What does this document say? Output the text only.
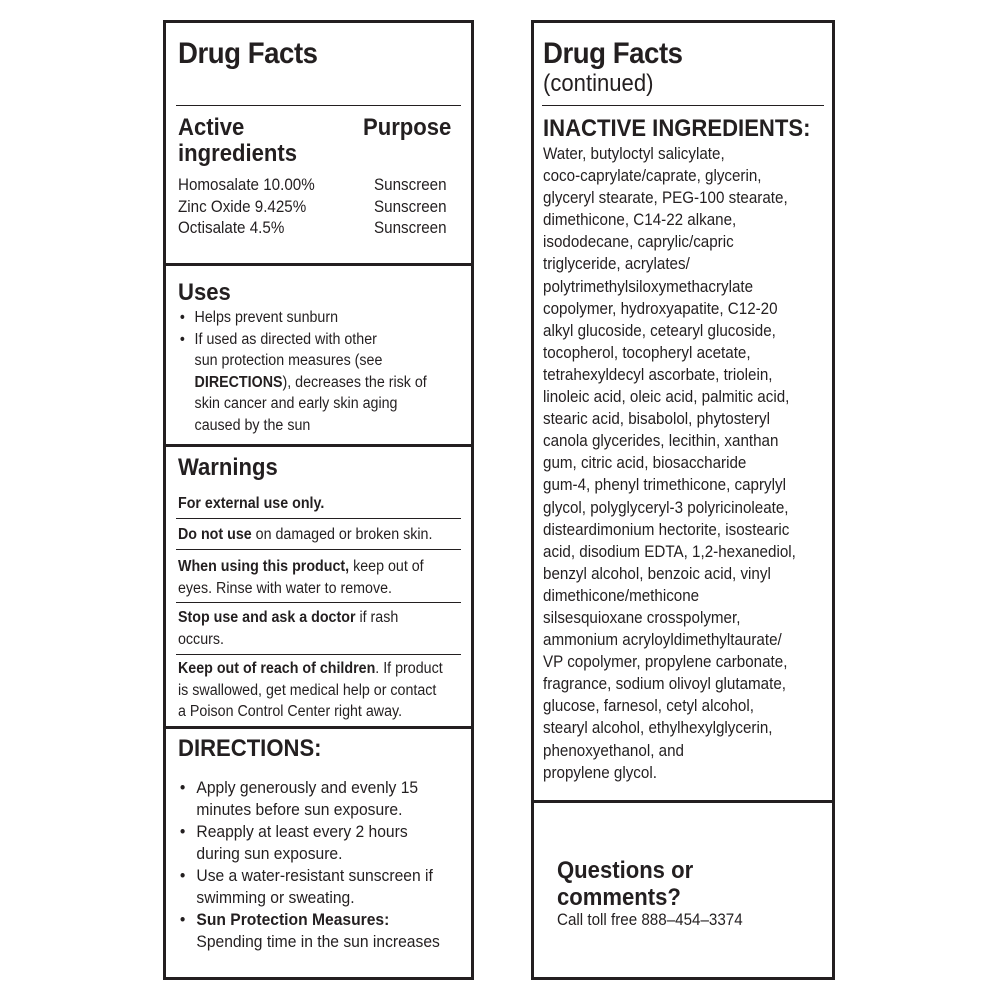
Drug Facts
Active
ingredients
Purpose
Homosalate 10.00%
Zinc Oxide 9.425%
Octisalate 4.5%
Sunscreen
Sunscreen
Sunscreen
Uses
• Helps prevent sunburn
• If used as directed with other
sun protection measures (see
DIRECTIONS), decreases the risk of
skin cancer and early skin aging
caused by the sun
Warnings
For external use only.
Do not use on damaged or broken skin.
When using this product, keep out of
eyes. Rinse with water to remove.
Stop use and ask a doctor if rash
occurs.
Keep out of reach of children. If product
is swallowed, get medical help or contact
a Poison Control Center right away.
DIRECTIONS:
• Apply generously and evenly 15
minutes before sun exposure.
• Reapply at least every 2 hours
during sun exposure.
• Use a water-resistant sunscreen if
swimming or sweating.
• Sun Protection Measures:
Spending time in the sun increases
Drug Facts
(continued)
INACTIVE INGREDIENTS:
Water, butyloctyl salicylate,
coco-caprylate/caprate, glycerin,
glyceryl stearate, PEG-100 stearate,
dimethicone, C14-22 alkane,
isododecane, caprylic/capric
triglyceride, acrylates/
polytrimethylsiloxymethacrylate
copolymer, hydroxyapatite, C12-20
alkyl glucoside, cetearyl glucoside,
tocopherol, tocopheryl acetate,
tetrahexyldecyl ascorbate, triolein,
linoleic acid, oleic acid, palmitic acid,
stearic acid, bisabolol, phytosteryl
canola glycerides, lecithin, xanthan
gum, citric acid, biosaccharide
gum-4, phenyl trimethicone, caprylyl
glycol, polyglyceryl-3 polyricinoleate,
disteardimonium hectorite, isostearic
acid, disodium EDTA, 1,2-hexanediol,
benzyl alcohol, benzoic acid, vinyl
dimethicone/methicone
silsesquioxane crosspolymer,
ammonium acryloyldimethyltaurate/
VP copolymer, propylene carbonate,
fragrance, sodium olivoyl glutamate,
glucose, farnesol, cetyl alcohol,
stearyl alcohol, ethylhexylglycerin,
phenoxyethanol, and
propylene glycol.
Questions or
comments?
Call toll free 888–454–3374
